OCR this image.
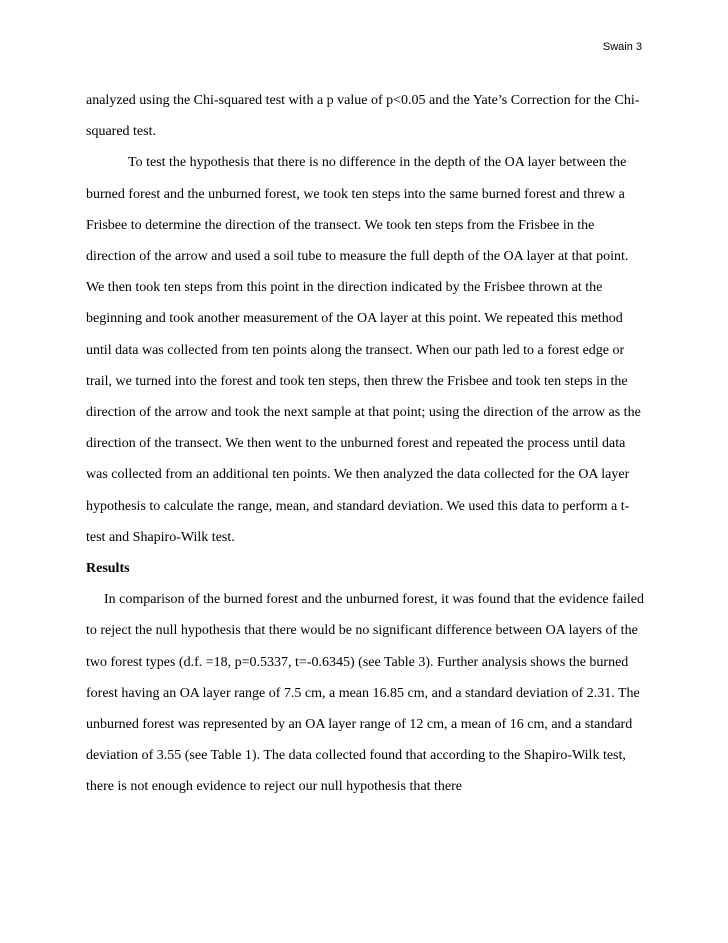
Swain 3

analyzed using the Chi-squared test with a p value of p<0.05 and the Yate’s Correction for the Chi-squared test.

To test the hypothesis that there is no difference in the depth of the OA layer between the burned forest and the unburned forest, we took ten steps into the same burned forest and threw a Frisbee to determine the direction of the transect. We took ten steps from the Frisbee in the direction of the arrow and used a soil tube to measure the full depth of the OA layer at that point. We then took ten steps from this point in the direction indicated by the Frisbee thrown at the beginning and took another measurement of the OA layer at this point. We repeated this method until data was collected from ten points along the transect. When our path led to a forest edge or trail, we turned into the forest and took ten steps, then threw the Frisbee and took ten steps in the direction of the arrow and took the next sample at that point; using the direction of the arrow as the direction of the transect. We then went to the unburned forest and repeated the process until data was collected from an additional ten points. We then analyzed the data collected for the OA layer hypothesis to calculate the range, mean, and standard deviation. We used this data to perform a t-test and Shapiro-Wilk test.

Results

In comparison of the burned forest and the unburned forest, it was found that the evidence failed to reject the null hypothesis that there would be no significant difference between OA layers of the two forest types (d.f. =18, p=0.5337, t=-0.6345) (see Table 3). Further analysis shows the burned forest having an OA layer range of 7.5 cm, a mean 16.85 cm, and a standard deviation of 2.31. The unburned forest was represented by an OA layer range of 12 cm, a mean of 16 cm, and a standard deviation of 3.55 (see Table 1). The data collected found that according to the Shapiro-Wilk test, there is not enough evidence to reject our null hypothesis that there
